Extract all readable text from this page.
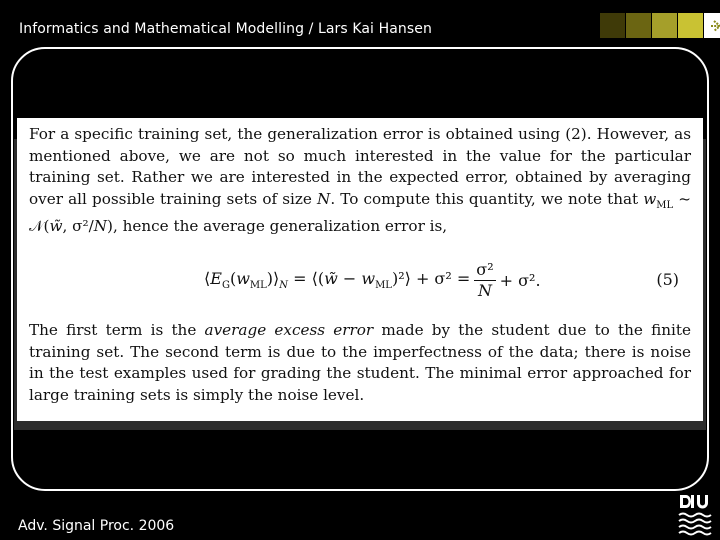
Informatics and Mathematical Modelling / Lars Kai Hansen

For a specific training set, the generalization error is obtained using (2). However, as mentioned above, we are not so much interested in the value for the particular training set. Rather we are interested in the expected error, obtained by averaging over all possible training sets of size N. To compute this quantity, we note that $w_{ML}$ ~ 𝒩(w̃, σ²/N), hence the average generalization error is,

$⟨E_G(w_{ML})⟩_N$ = ⟨(w̃ − $w_{ML})^2⟩ + \sigma^2 = \frac{\text{σ²}}{N} + \sigma^2$.	(5)

The first term is the average excess error made by the student due to the finite training set. The second term is due to the imperfectness of the data; there is noise in the test examples used for grading the student. The minimal error approached for large training sets is simply the noise level.

Adv. Signal Proc. 2006
